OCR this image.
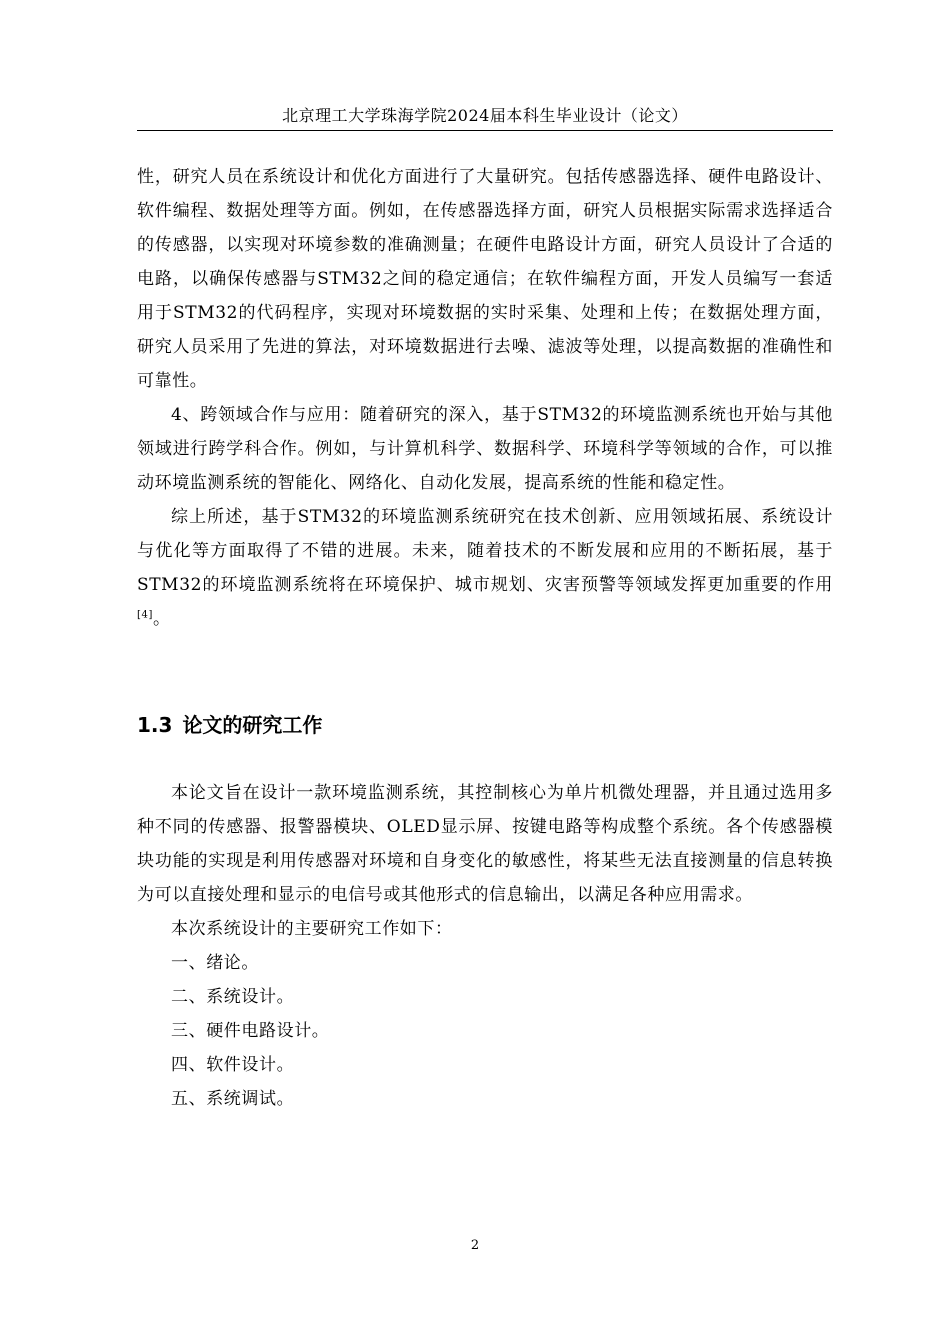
北京理工大学珠海学院2024届本科生毕业设计（论文）

性，研究人员在系统设计和优化方面进行了大量研究。包括传感器选择、硬件电路设计、软件编程、数据处理等方面。例如，在传感器选择方面，研究人员根据实际需求选择适合的传感器，以实现对环境参数的准确测量；在硬件电路设计方面，研究人员设计了合适的电路，以确保传感器与STM32之间的稳定通信；在软件编程方面，开发人员编写一套适用于STM32的代码程序，实现对环境数据的实时采集、处理和上传；在数据处理方面，研究人员采用了先进的算法，对环境数据进行去噪、滤波等处理，以提高数据的准确性和可靠性。

4、跨领域合作与应用：随着研究的深入，基于STM32的环境监测系统也开始与其他领域进行跨学科合作。例如，与计算机科学、数据科学、环境科学等领域的合作，可以推动环境监测系统的智能化、网络化、自动化发展，提高系统的性能和稳定性。

综上所述，基于STM32的环境监测系统研究在技术创新、应用领域拓展、系统设计与优化等方面取得了不错的进展。未来，随着技术的不断发展和应用的不断拓展，基于STM32的环境监测系统将在环境保护、城市规划、灾害预警等领域发挥更加重要的作用[4]。

1.3 论文的研究工作

本论文旨在设计一款环境监测系统，其控制核心为单片机微处理器，并且通过选用多种不同的传感器、报警器模块、OLED显示屏、按键电路等构成整个系统。各个传感器模块功能的实现是利用传感器对环境和自身变化的敏感性，将某些无法直接测量的信息转换为可以直接处理和显示的电信号或其他形式的信息输出，以满足各种应用需求。

本次系统设计的主要研究工作如下：

一、绪论。

二、系统设计。

三、硬件电路设计。

四、软件设计。

五、系统调试。

2
